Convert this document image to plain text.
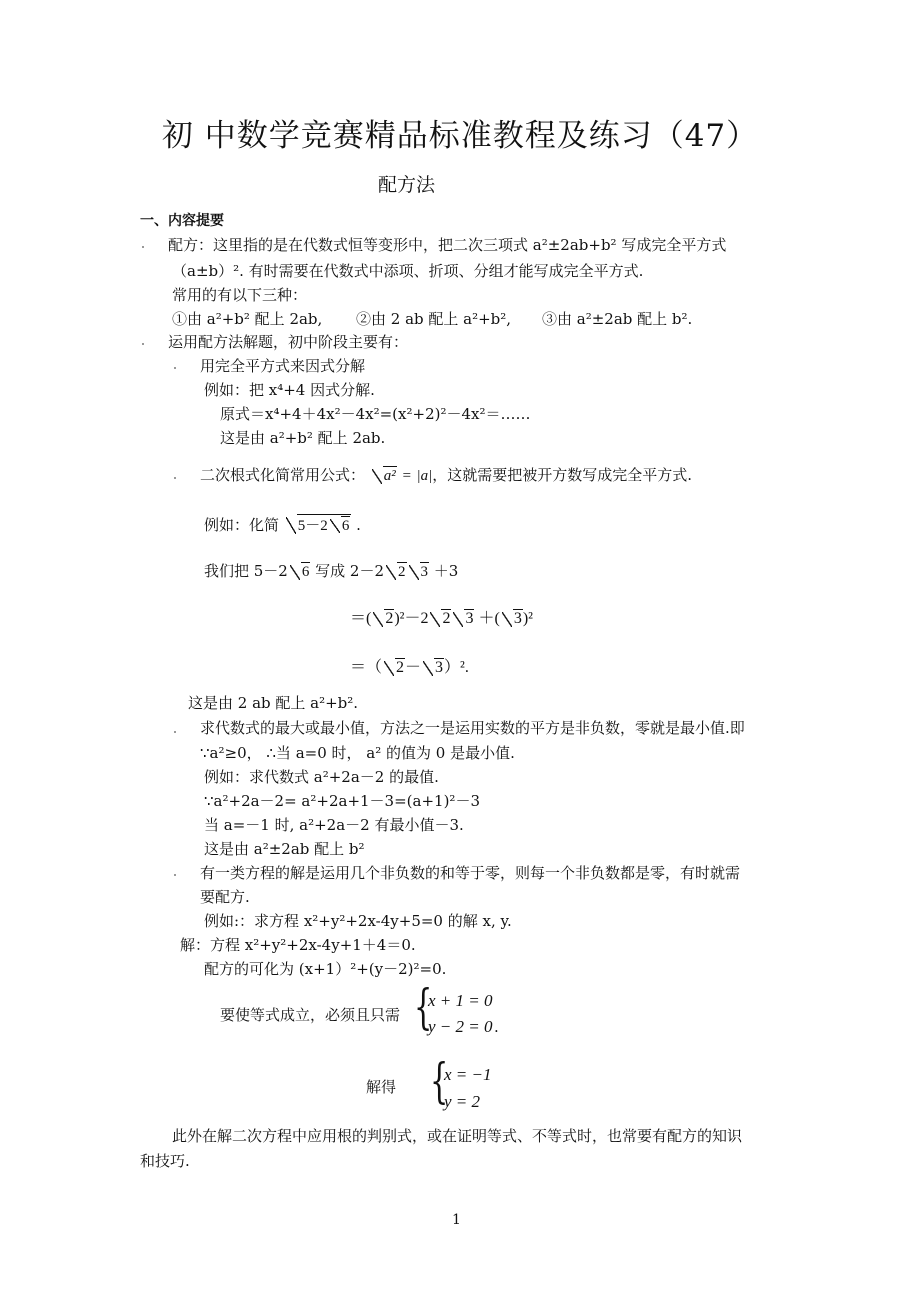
初 中数学竞赛精品标准教程及练习（47）
配方法
一、内容提要
配方：这里指的是在代数式恒等变形中，把二次三项式 a²±2ab+b² 写成完全平方式
（a±b）². 有时需要在代数式中添项、折项、分组才能写成完全平方式.
常用的有以下三种：
①由 a²+b² 配上 2ab, ②由 2 ab 配上 a²+b², ③由 a²±2ab 配上 b².
运用配方法解题，初中阶段主要有：
用完全平方式来因式分解
例如：把 x⁴+4 因式分解.
原式＝x⁴+4＋4x²－4x²=(x²+2)²－4x²＝……
这是由 a²+b² 配上 2ab.
二次根式化简常用公式： a² = |a|，这就需要把被开方数写成完全平方式.
例如：化简 5－2 6 .
我们把 5－2 6 写成 2－2 2 3 ＋3
＝( 2)²－2 2 3 ＋( 3)²
＝（ 2－ 3）².
这是由 2 ab 配上 a²+b².
求代数式的最大或最小值，方法之一是运用实数的平方是非负数，零就是最小值.即
∵a²≥0， ∴当 a=0 时， a² 的值为 0 是最小值.
例如：求代数式 a²+2a－2 的最值.
∵a²+2a－2= a²+2a+1－3=(a+1)²－3
当 a=－1 时, a²+2a－2 有最小值－3.
这是由 a²±2ab 配上 b²
有一类方程的解是运用几个非负数的和等于零，则每一个非负数都是零，有时就需
要配方.
例如:：求方程 x²+y²+2x-4y+5=0 的解 x, y.
解：方程 x²+y²+2x-4y+1＋4＝0.
配方的可化为 (x+1）²+(y－2)²=0.
要使等式成立，必须且只需 {
x + 1 = 0
y − 2 = 0 .
解得 {
x = −1
y = 2
此外在解二次方程中应用根的判别式，或在证明等式、不等式时，也常要有配方的知识
和技巧.
1
